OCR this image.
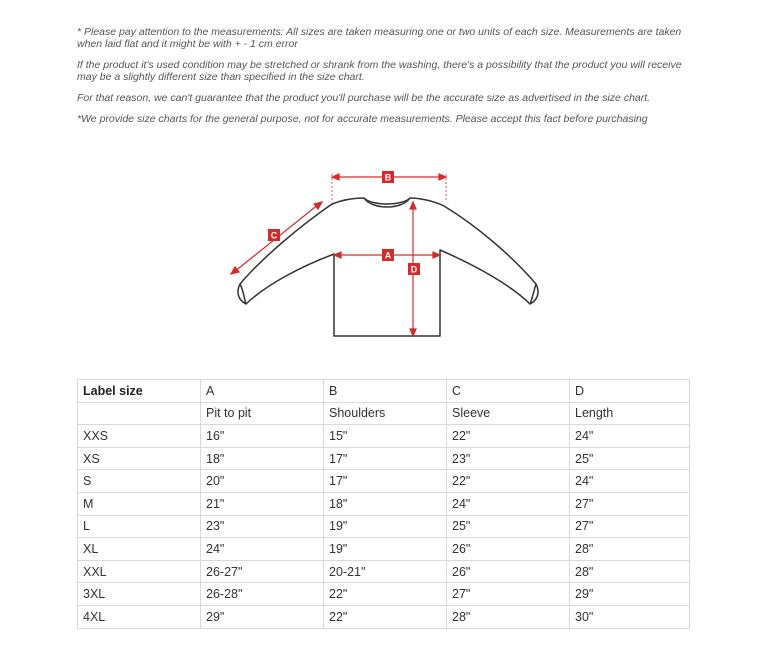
* Please pay attention to the measurements: All sizes are taken measuring one or two units of each size. Measurements are taken when laid flat and it might be with + - 1 cm error

If the product it's used condition may be stretched or shrank from the washing, there's a possibility that the product you will receive may be a slightly different size than specified in the size chart.

For that reason, we can't guarantee that the product you'll purchase will be the accurate size as advertised in the size chart.

*We provide size charts for the general purpose, not for accurate measurements. Please accept this fact before purchasing

B
A
D
C
Label size	A	B	C	D
	Pit to pit	Shoulders	Sleeve	Length
XXS	16"	15"	22"	24"
XS	18"	17"	23"	25"
S	20"	17"	22"	24"
M	21"	18"	24"	27"
L	23"	19"	25"	27"
XL	24"	19"	26"	28"
XXL	26-27"	20-21"	26"	28"
3XL	26-28"	22"	27"	29"
4XL	29"	22"	28"	30"
